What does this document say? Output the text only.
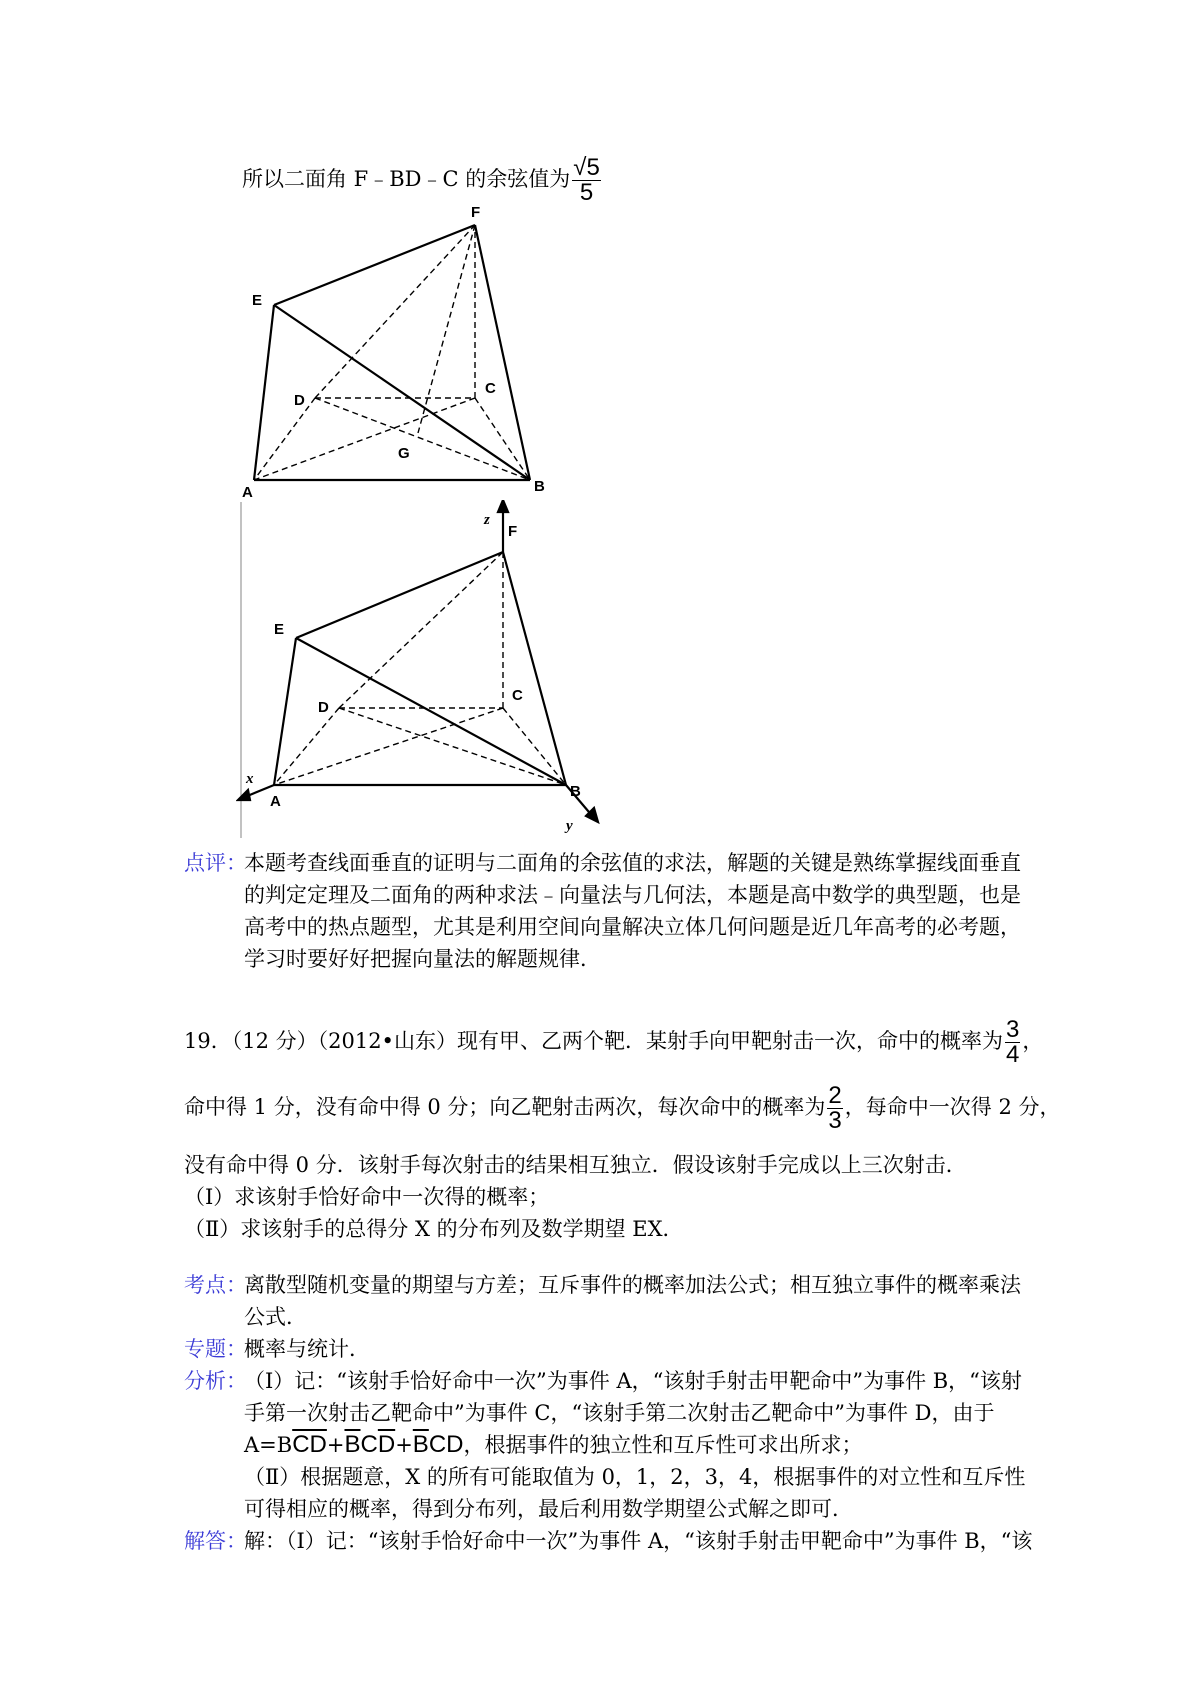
所以二面角 F﹣BD﹣C 的余弦值为 $\frac{√5}{5}$
F
E
D
C
G
A	B
z
F
E
D
C
A
B
x
y
点评：
本题考查线面垂直的证明与二面角的余弦值的求法，解题的关键是熟练掌握线面垂直
的判定定理及二面角的两种求法﹣向量法与几何法，本题是高中数学的典型题，也是
高考中的热点题型，尤其是利用空间向量解决立体几何问题是近几年高考的必考题，
学习时要好好把握向量法的解题规律．
19．（12 分）（2012•山东）现有甲、乙两个靶．某射手向甲靶射击一次，命中的概率为 $\frac{3}{4}$ ，
命中得 1 分，没有命中得 0 分；向乙靶射击两次，每次命中的概率为 $\frac{2}{3}$ ，每命中一次得 2 分，
没有命中得 0 分．该射手每次射击的结果相互独立．假设该射手完成以上三次射击．
（Ⅰ）求该射手恰好命中一次得的概率；
（Ⅱ）求该射手的总得分 X 的分布列及数学期望 EX．
考点：
离散型随机变量的期望与方差；互斥事件的概率加法公式；相互独立事件的概率乘法
公式．
专题：
概率与统计．
分析：
（Ⅰ）记：“该射手恰好命中一次”为事件 A，“该射手射击甲靶命中”为事件 B，“该射
手第一次射击乙靶命中”为事件 C，“该射手第二次射击乙靶命中”为事件 D，由于
$A=B\overline{CD}+\overline{B}C\overline{D}+\overline{B}CD$，根据事件的独立性和互斥性可求出所求；
（Ⅱ）根据题意，X 的所有可能取值为 0，1，2，3，4，根据事件的对立性和互斥性
可得相应的概率，得到分布列，最后利用数学期望公式解之即可．
解答：
解：（Ⅰ）记：“该射手恰好命中一次”为事件 A，“该射手射击甲靶命中”为事件 B，“该
